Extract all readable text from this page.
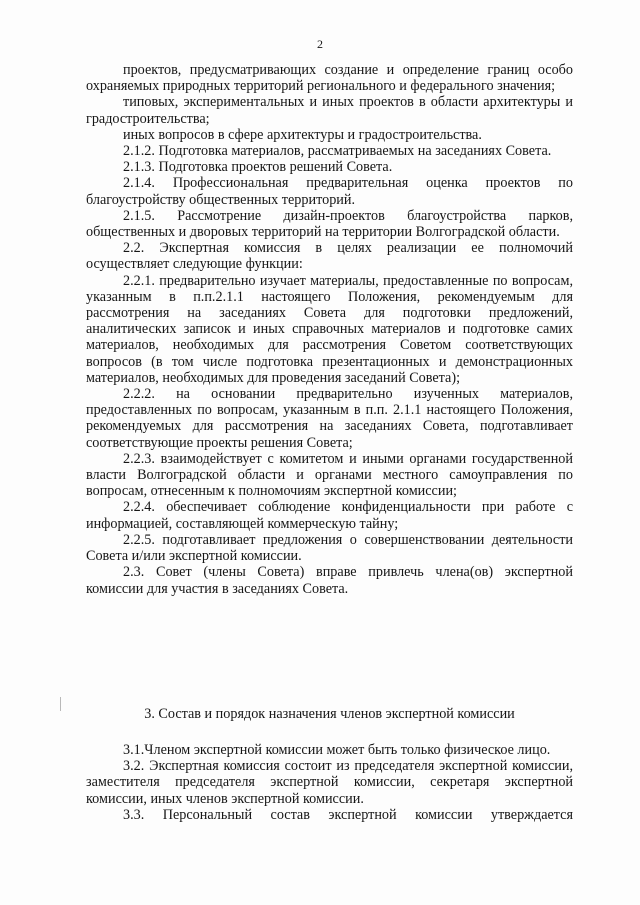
2

проектов, предусматривающих создание и определение границ особо охраняемых природных территорий регионального и федерального значения;

типовых, экспериментальных и иных проектов в области архитектуры и градостроительства;

иных вопросов в сфере архитектуры и градостроительства.

2.1.2. Подготовка материалов, рассматриваемых на заседаниях Совета.

2.1.3. Подготовка проектов решений Совета.

2.1.4. Профессиональная предварительная оценка проектов по благоустройству общественных территорий.

2.1.5. Рассмотрение дизайн-проектов благоустройства парков, общественных и дворовых территорий на территории Волгоградской области.

2.2. Экспертная комиссия в целях реализации ее полномочий осуществляет следующие функции:

2.2.1. предварительно изучает материалы, предоставленные по вопросам, указанным в п.п.2.1.1 настоящего Положения, рекомендуемым для рассмотрения на заседаниях Совета для подготовки предложений, аналитических записок и иных справочных материалов и подготовке самих материалов, необходимых для рассмотрения Советом соответствующих вопросов (в том числе подготовка презентационных и демонстрационных материалов, необходимых для проведения заседаний Совета);

2.2.2. на основании предварительно изученных материалов, предоставленных по вопросам, указанным в п.п. 2.1.1 настоящего Положения, рекомендуемых для рассмотрения на заседаниях Совета, подготавливает соответствующие проекты решения Совета;

2.2.3. взаимодействует с комитетом и иными органами государственной власти Волгоградской области и органами местного самоуправления по вопросам, отнесенным к полномочиям экспертной комиссии;

2.2.4. обеспечивает соблюдение конфиденциальности при работе с информацией, составляющей коммерческую тайну;

2.2.5. подготавливает предложения о совершенствовании деятельности Совета и/или экспертной комиссии.

2.3. Совет (члены Совета) вправе привлечь члена(ов) экспертной комиссии для участия в заседаниях Совета.

3. Состав и порядок назначения членов экспертной комиссии

3.1.Членом экспертной комиссии может быть только физическое лицо.

3.2. Экспертная комиссия состоит из председателя экспертной комиссии, заместителя председателя экспертной комиссии, секретаря экспертной комиссии, иных членов экспертной комиссии.

3.3. Персональный состав экспертной комиссии утверждается
